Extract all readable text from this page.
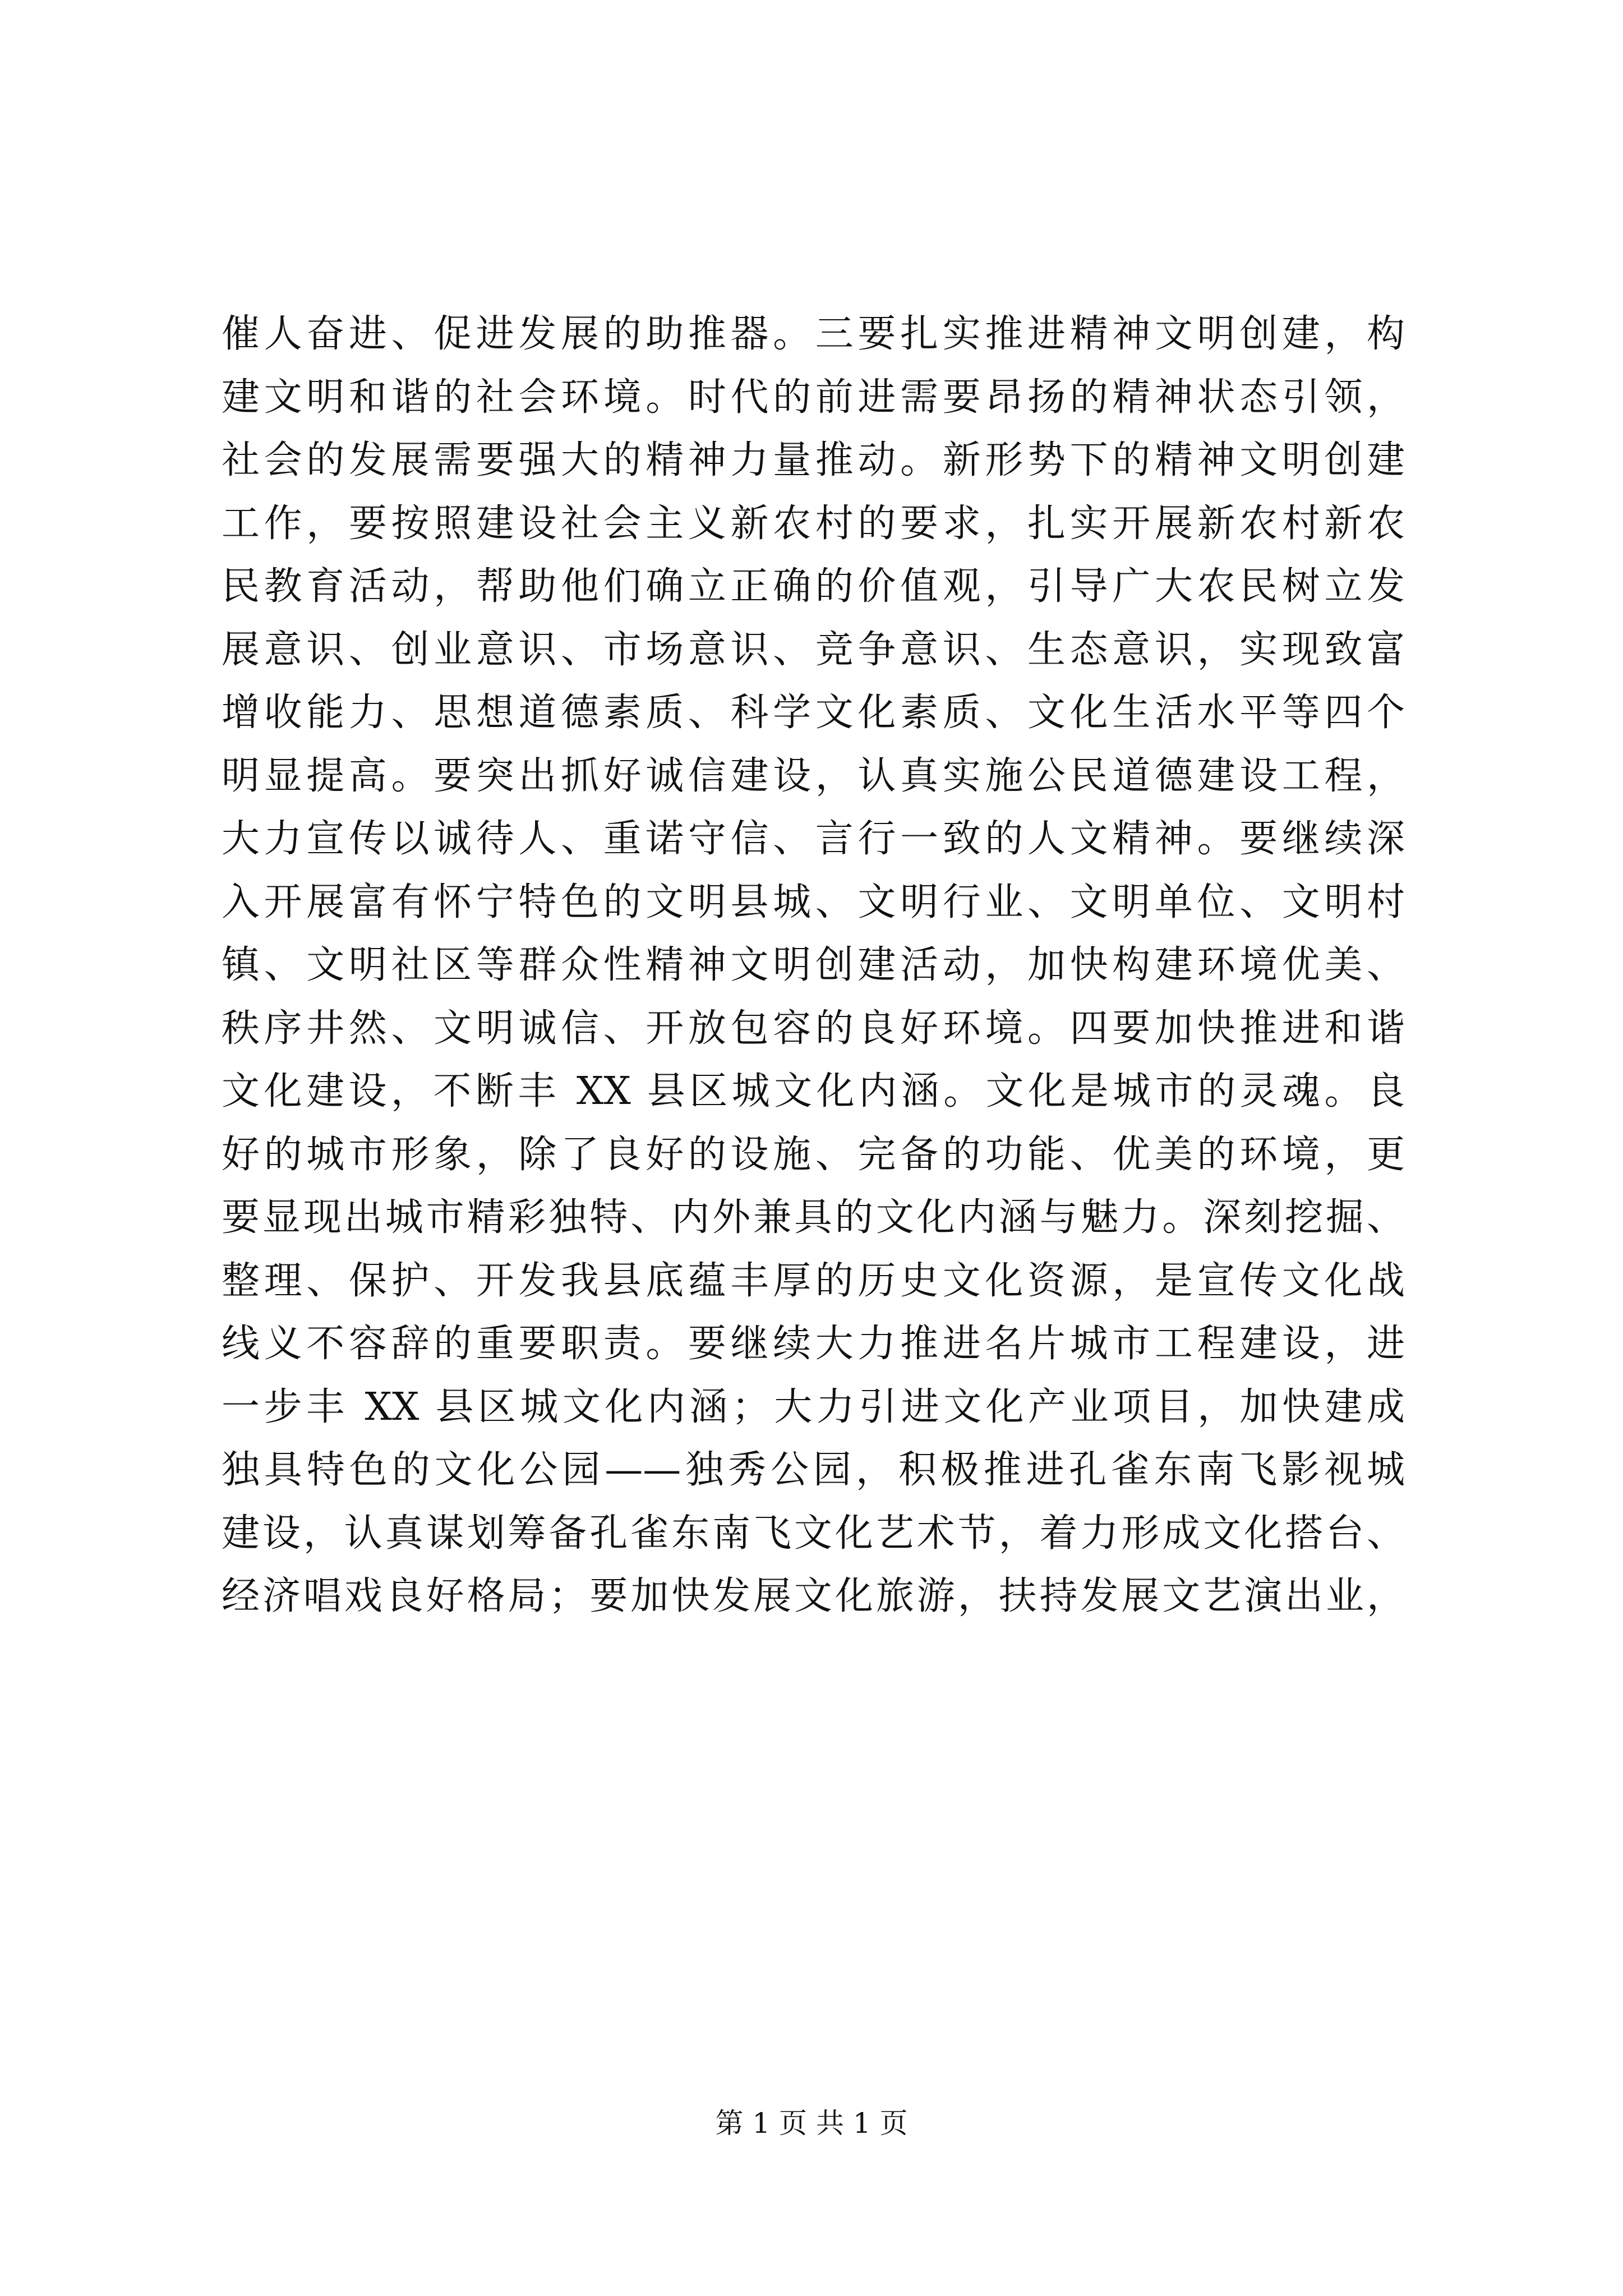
催人奋进、促进发展的助推器。三要扎实推进精神文明创建，构
建文明和谐的社会环境。时代的前进需要昂扬的精神状态引领，
社会的发展需要强大的精神力量推动。新形势下的精神文明创建
工作，要按照建设社会主义新农村的要求，扎实开展新农村新农
民教育活动，帮助他们确立正确的价值观，引导广大农民树立发
展意识、创业意识、市场意识、竞争意识、生态意识，实现致富
增收能力、思想道德素质、科学文化素质、文化生活水平等四个
明显提高。要突出抓好诚信建设，认真实施公民道德建设工程，
大力宣传以诚待人、重诺守信、言行一致的人文精神。要继续深
入开展富有怀宁特色的文明县城、文明行业、文明单位、文明村
镇、文明社区等群众性精神文明创建活动，加快构建环境优美、
秩序井然、文明诚信、开放包容的良好环境。四要加快推进和谐
文化建设，不断丰 XX 县区城文化内涵。文化是城市的灵魂。良
好的城市形象，除了良好的设施、完备的功能、优美的环境，更
要显现出城市精彩独特、内外兼具的文化内涵与魅力。深刻挖掘、
整理、保护、开发我县底蕴丰厚的历史文化资源，是宣传文化战
线义不容辞的重要职责。要继续大力推进名片城市工程建设，进
一步丰 XX 县区城文化内涵；大力引进文化产业项目，加快建成
独具特色的文化公园——独秀公园，积极推进孔雀东南飞影视城
建设，认真谋划筹备孔雀东南飞文化艺术节，着力形成文化搭台、
经济唱戏良好格局；要加快发展文化旅游，扶持发展文艺演出业，
第 1 页 共 1 页
